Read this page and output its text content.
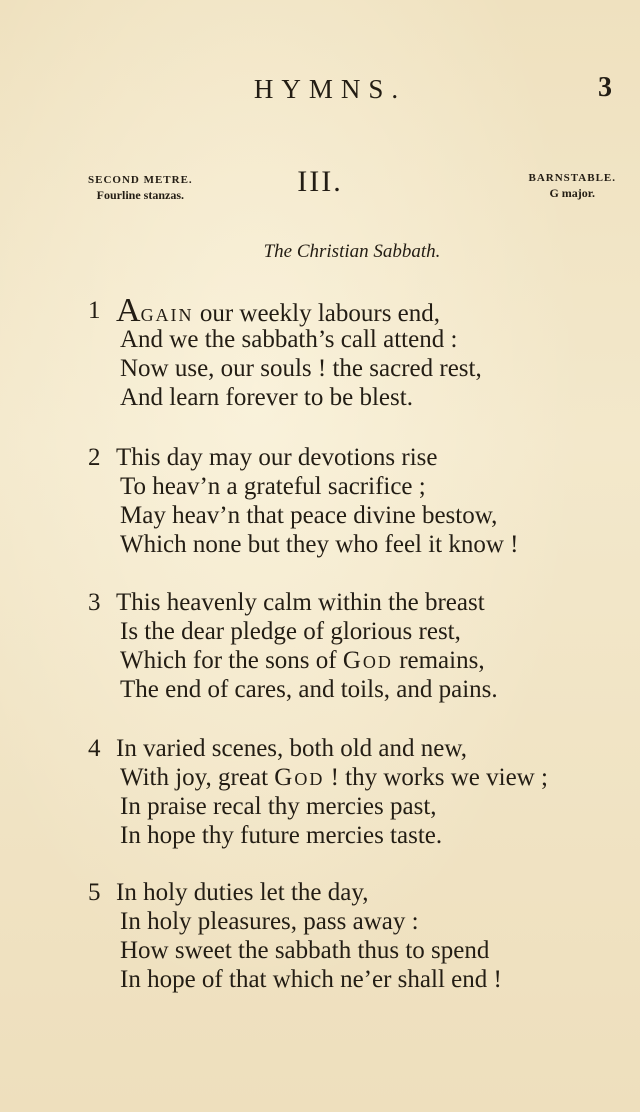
HYMNS.	3
SECOND METRE.
Fourline stanzas.	III.	BARNSTABLE.
G major.
The Christian Sabbath.
1 Again our weekly labours end,
And we the sabbath’s call attend :
Now use, our souls ! the sacred rest,
And learn forever to be blest.
2 This day may our devotions rise
To heav’n a grateful sacrifice ;
May heav’n that peace divine bestow,
Which none but they who feel it know !
3 This heavenly calm within the breast
Is the dear pledge of glorious rest,
Which for the sons of God remains,
The end of cares, and toils, and pains.
4 In varied scenes, both old and new,
With joy, great God ! thy works we view ;
In praise recal thy mercies past,
In hope thy future mercies taste.
5 In holy duties let the day,
In holy pleasures, pass away :
How sweet the sabbath thus to spend
In hope of that which ne’er shall end !
